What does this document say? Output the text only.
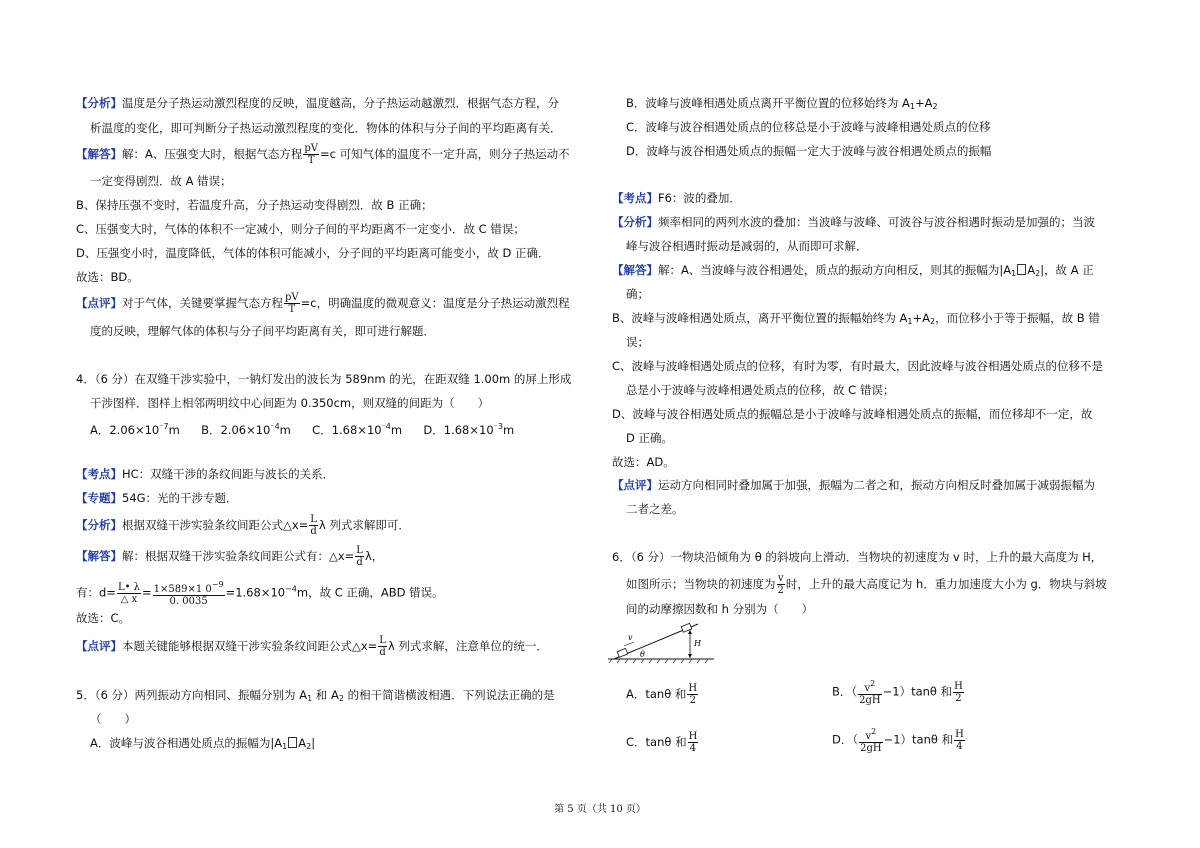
【分析】温度是分子热运动激烈程度的反映，温度越高，分子热运动越激烈．根据气态方程，分
析温度的变化，即可判断分子热运动激烈程度的变化．物体的体积与分子间的平均距离有关．
【解答】解：A、压强变大时，根据气态方程 $\frac{pV}{T} =c$ 可知气体的温度不一定升高，则分子热运动不
一定变得剧烈．故 A 错误；
B、保持压强不变时，若温度升高，分子热运动变得剧烈．故 B 正确；
C、压强变大时，气体的体积不一定减小，则分子间的平均距离不一定变小．故 C 错误；
D、压强变小时，温度降低，气体的体积可能减小，分子间的平均距离可能变小，故 D 正确．
故选：BD。
【点评】对于气体，关键要掌握气态方程 $\frac{pV}{T} =c$，明确温度的微观意义：温度是分子热运动激烈程
度的反映，理解气体的体积与分子间平均距离有关，即可进行解题．
4．（6 分）在双缝干涉实验中，一钠灯发出的波长为 589nm 的光，在距双缝 1.00m 的屏上形成
干涉图样．图样上相邻两明纹中心间距为 0.350cm，则双缝的间距为（　　）
A．$2.06\times 10^{^-7}m$ B．$2.06\times 10^{^-4}m$ C．$1.68\times 10^{^-4}m$ D．$1.68\times 10^{^-3}m$
【考点】HC：双缝干涉的条纹间距与波长的关系．
【专题】54G：光的干涉专题．
【分析】根据双缝干涉实验条纹间距公式△x= $\frac{L}{d}$ λ 列式求解即可．
【解答】解：根据双缝干涉实验条纹间距公式有：△x= $\frac{L}{d}$ λ，
有：$d= \frac{L• \lambda}{\triangle x} = \frac{1\times 589\times 1 0^{-9}}{0. 0035} =1.68\times 10^{-4}m$，故 C 正确，ABD 错误。
故选：C。
【点评】本题关键能够根据双缝干涉实验条纹间距公式△x= $\frac{L}{d}$ λ 列式求解，注意单位的统一．
5．（6 分）两列振动方向相同、振幅分别为 $A_1$ 和 $A_2$ 的相干简谐横波相遇．下列说法正确的是
（　　）
A．波峰与波谷相遇处质点的振幅为$|A_1$ $A_2|$
B．波峰与波峰相遇处质点离开平衡位置的位移始终为 $A_1+A_2$
C．波峰与波谷相遇处质点的位移总是小于波峰与波峰相遇处质点的位移
D．波峰与波谷相遇处质点的振幅一定大于波峰与波谷相遇处质点的振幅
【考点】F6：波的叠加．
【分析】频率相同的两列水波的叠加：当波峰与波峰、可波谷与波谷相遇时振动是加强的；当波
峰与波谷相遇时振动是减弱的，从而即可求解．
【解答】解：A、当波峰与波谷相遇处，质点的振动方向相反，则其的振幅为$|A_1$ $A_2|$，故 A 正
确；
B、波峰与波峰相遇处质点，离开平衡位置的振幅始终为 $A_1+A_2$，而位移小于等于振幅，故 B 错
误；
C、波峰与波峰相遇处质点的位移，有时为零，有时最大，因此波峰与波谷相遇处质点的位移不是
总是小于波峰与波峰相遇处质点的位移，故 C 错误；
D、波峰与波谷相遇处质点的振幅总是小于波峰与波峰相遇处质点的振幅，而位移却不一定，故
D 正确。
故选：AD。
【点评】运动方向相同时叠加属于加强，振幅为二者之和，振动方向相反时叠加属于减弱振幅为
二者之差。
6．（6 分）一物块沿倾角为 θ 的斜坡向上滑动．当物块的初速度为 v 时，上升的最大高度为 H，
如图所示；当物块的初速度为 $\frac{v}{2}$ 时，上升的最大高度记为 h．重力加速度大小为 g．物块与斜坡
间的动摩擦因数和 h 分别为（　　）
v
θ
H
A．tanθ 和 $\frac{H}{2}$	B．（ $\frac{v^2}{2gH} -1)\tan\theta$ 和 $\frac{H}{2}$
C．tanθ 和 $\frac{H}{4}$	D．（ $\frac{v^2}{2gH} -1)\tan\theta$ 和 $\frac{H}{4}$
第 5 页（共 10 页）
